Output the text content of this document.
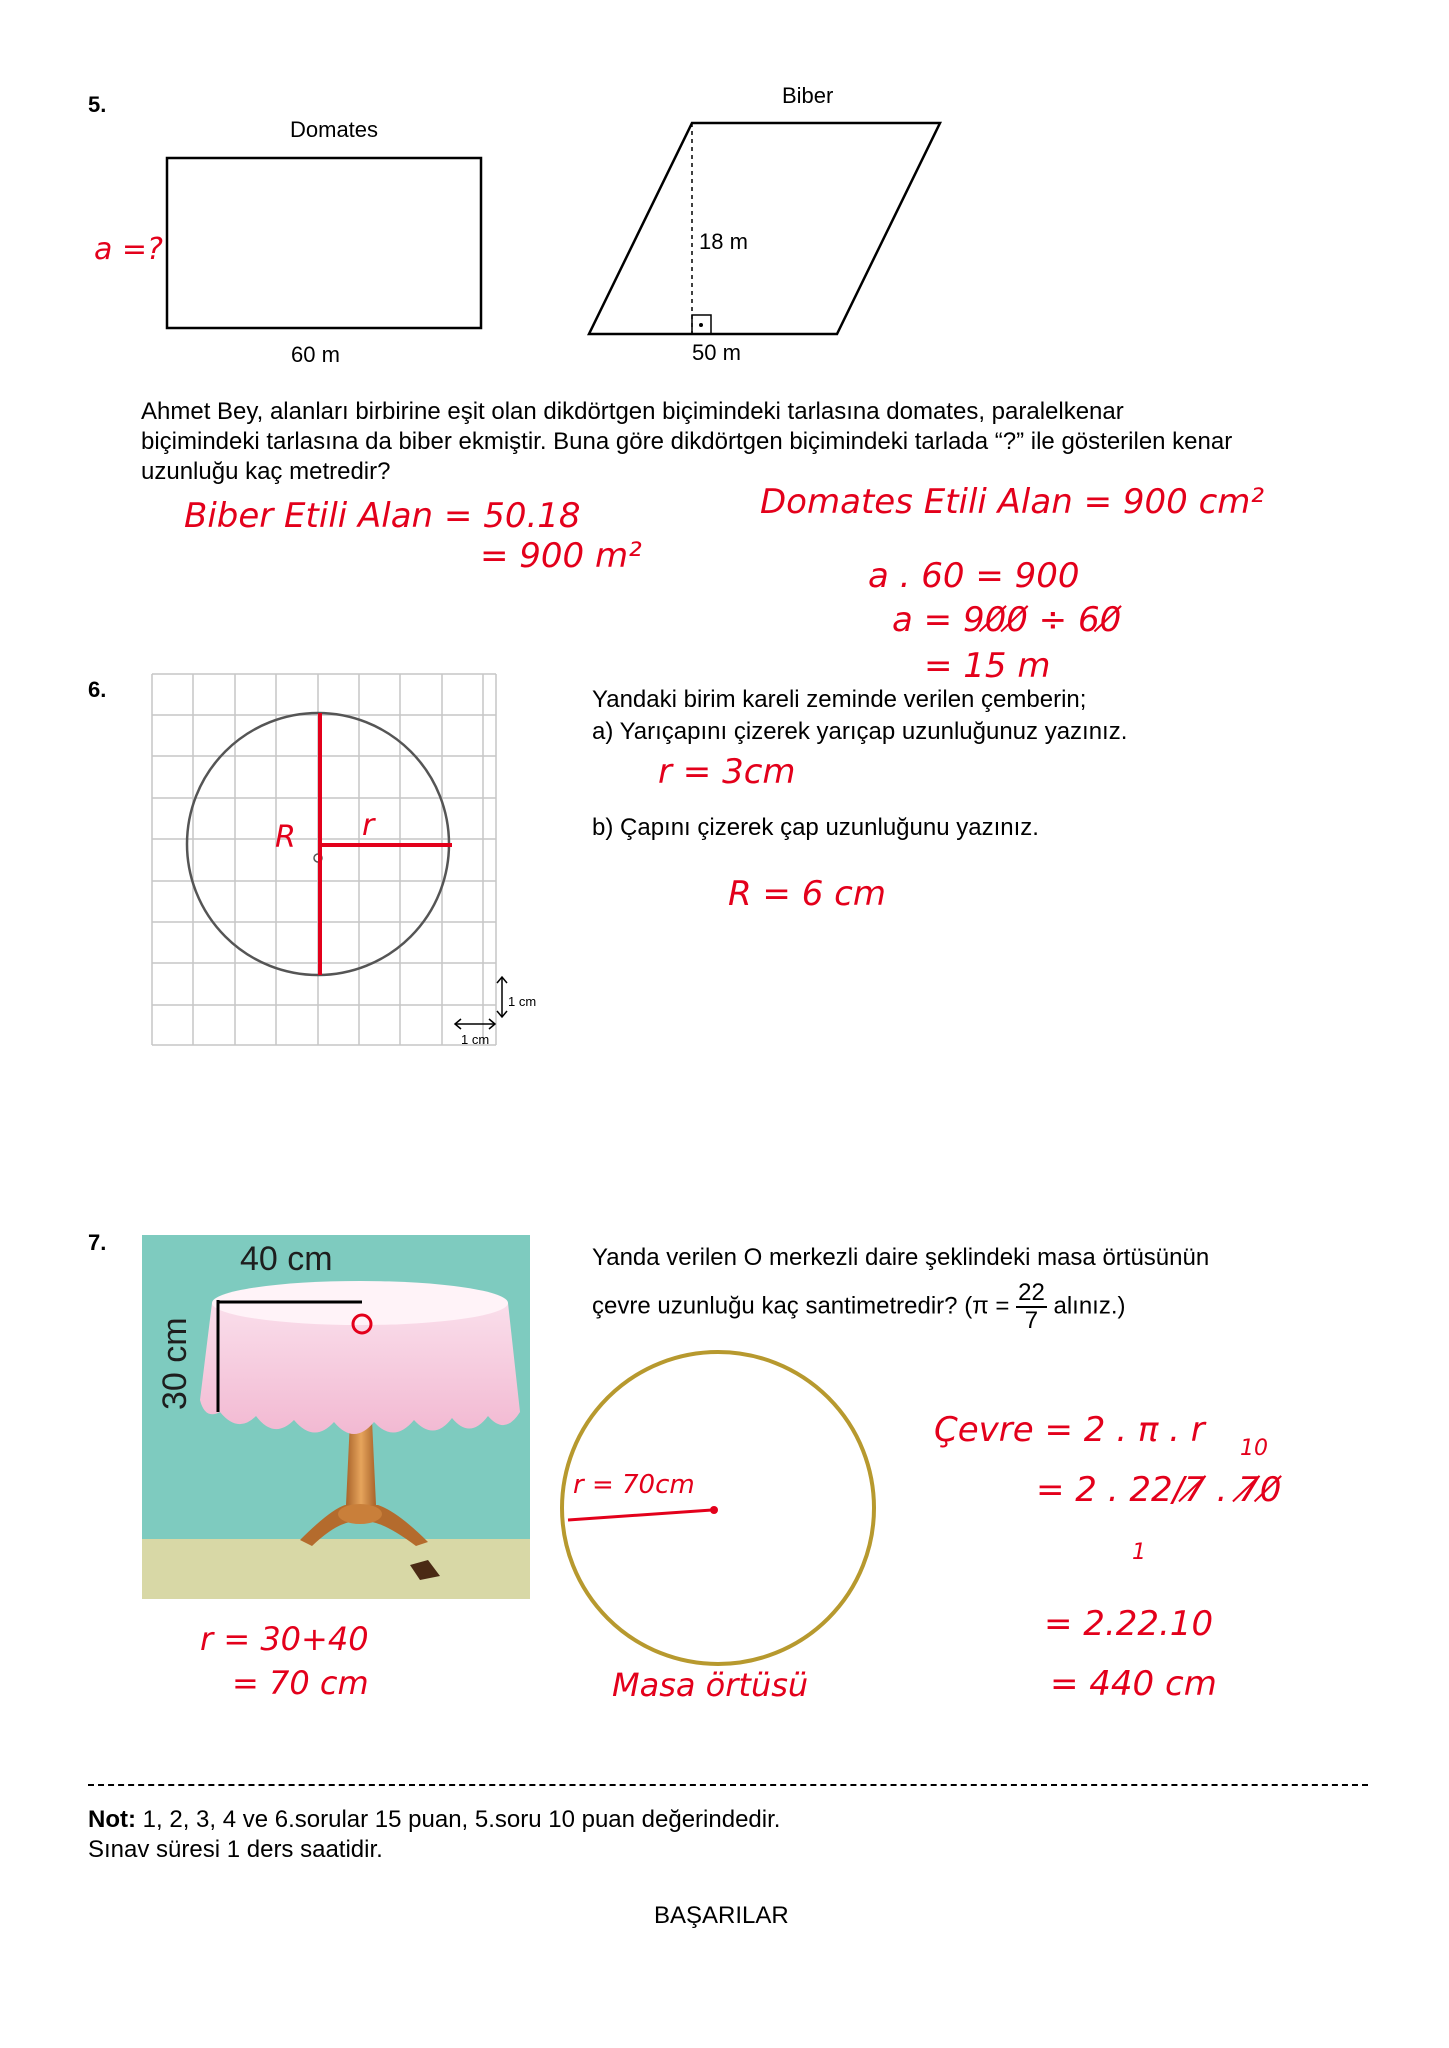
5.
Domates
Biber
a =?
60 m
18 m
50 m
Ahmet Bey, alanları birbirine eşit olan dikdörtgen biçimindeki tarlasına domates, paralelkenar
biçimindeki tarlasına da biber ekmiştir. Buna göre dikdörtgen biçimindeki tarlada “?” ile gösterilen kenar
uzunluğu kaç metredir?
Biber Etili Alan = 50.18
= 900 m²
Domates Etili Alan = 900 cm²
a . 60 = 900
a = 90̸0̸ ÷ 60̸
= 15 m
6.
R r
1 cm
1 cm
Yandaki birim kareli zeminde verilen çemberin;
a) Yarıçapını çizerek yarıçap uzunluğunuz yazınız.
r = 3cm
b) Çapını çizerek çap uzunluğunu yazınız.
R = 6 cm
7.	40 cm
30 cm
Yanda verilen O merkezli daire şeklindeki masa örtüsünün
çevre uzunluğu kaç santimetredir? ($\pi = \frac{22}{7}$ alınız.)
r = 70cm
Masa örtüsü
r = 30+40
= 70 cm
Çevre = 2 . π . r 10
= 2 . 22/7̸ . 7̸0̸
1
= 2.22.10
= 440 cm
Not: 1, 2, 3, 4 ve 6.sorular 15 puan, 5.soru 10 puan değerindedir.
Sınav süresi 1 ders saatidir.
BAŞARILAR
